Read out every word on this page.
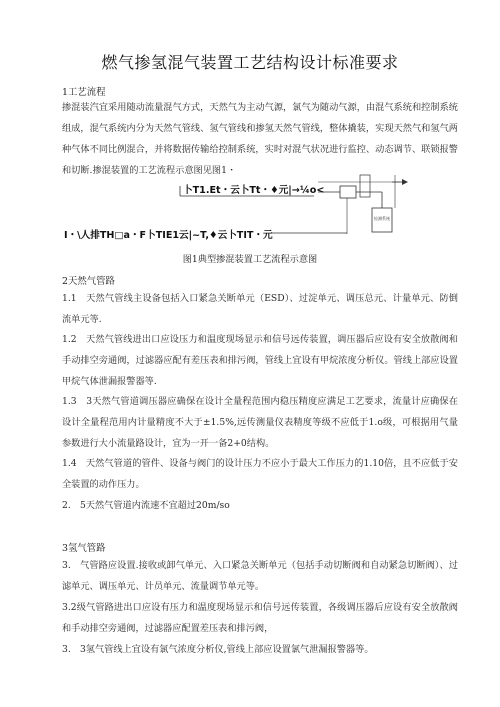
燃气掺氢混气装置工艺结构设计标准要求
1工艺流程
掺混装汽宜采用随动流量混气方式，天然气为主动气源，氯气为随动气源，由混气系统和控制系统组成，混气系统内分为天然气管线、氢气管线和掺氢天然气管线，整体撬装，实现天然气和氢气两种气体不同比例混合，并将数据传输给控制系统，实时对混气状况进行监控、动态调节、联锁报警和切断.掺混装置的工艺流程示意图见图1・
检测系统
卜T1.Et・云卜Tt・♦元|→¼o<
I・\人排TH□a・F卜TIE1云|~T,♦云卜TIT・元
图1典型掺混装置工艺流程示意图
2天然气管路
1.1　天然气管线主设备包括入口紧急关断单元（ESD）、过淀单元、调压总元、计量单元、防倒流单元等.
1.2　天然气管线进出口应设压力和温度现场显示和信号远传装置，调压器后应设有安全放散阀和手动排空旁通阀，过滤器应配有差压表和排污阀，管线上宜设有甲烷浓度分析仪。管线上部应设置甲烷气体泄漏报警器等.
1.3　3天然气管道调压器应确保在设计全量程范围内稳压精度应满足工艺要求，流量计应确保在设计全量程范用内计量精度不大于±1.5%,远传测量仪表精度等级不应低于1.o级，可根据用气量参数进行大小流量路设计，宜为一开一备2+0结构。
1.4　天然气管道的管件、设备与阀门的设计压力不应小于最大工作压力的1.10倍，且不应低于安全装置的动作压力。
2.　5天然气管道内流速不宜超过20m/so
3氢气管路
3.　气管路应设置.接收或卸气单元、入口紧急关断单元（包括手动切断阀和自动紧急切断阀）、过滤单元、调压单元、计员单元、流量调节单元等。
3.2级气管路进出口应设有压力和温度现场显示和信号远传装置，各级调压器后应设有安全放散阀和手动排空旁通阀，过滤器应配置差压表和排污阀，
3.　3氢气管线上宜设有氯气浓度分析仪,管线上部应设置氯气泄漏报警器等。
